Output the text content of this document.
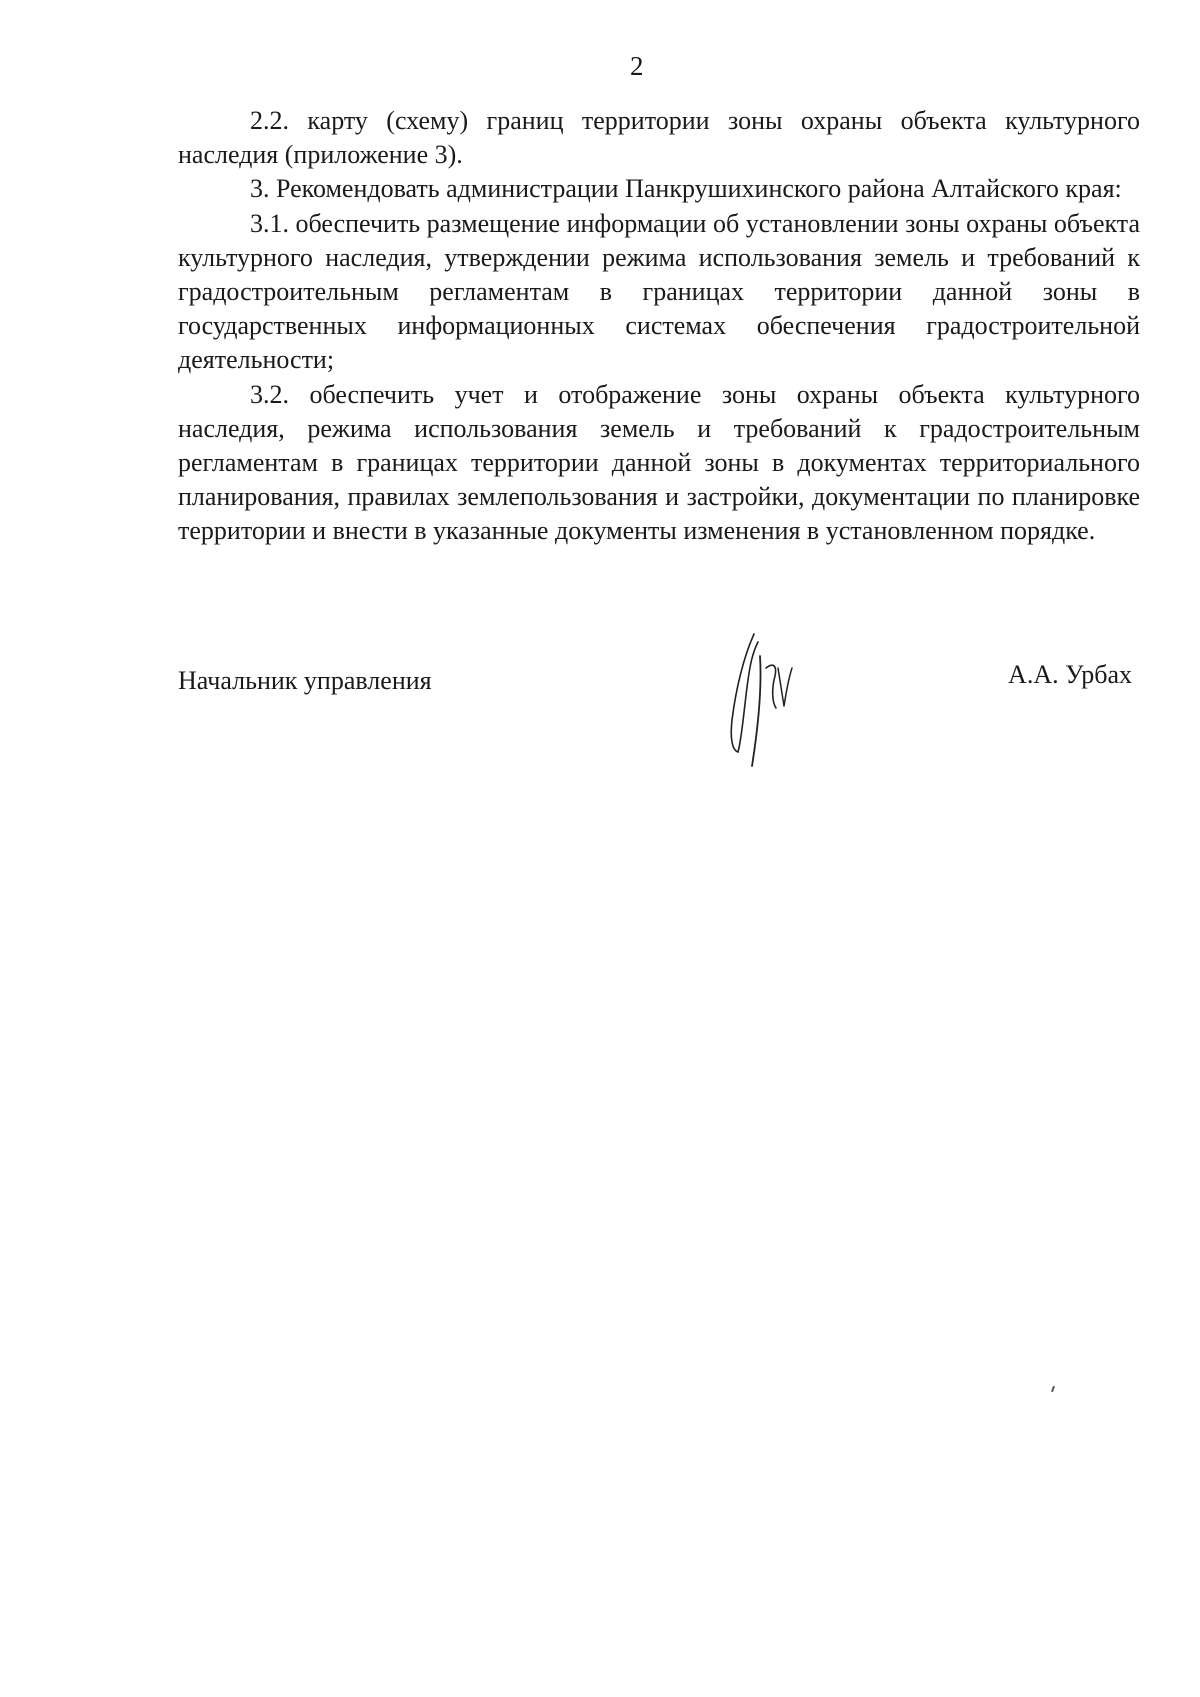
2

2.2. карту (схему) границ территории зоны охраны объекта культурного наследия (приложение 3).

3. Рекомендовать администрации Панкрушихинского района Алтайского края:

3.1. обеспечить размещение информации об установлении зоны охраны объекта культурного наследия, утверждении режима использования земель и требований к градостроительным регламентам в границах территории данной зоны в государственных информационных системах обеспечения градостроительной деятельности;

3.2. обеспечить учет и отображение зоны охраны объекта культурного наследия, режима использования земель и требований к градостроительным регламентам в границах территории данной зоны в документах территориального планирования, правилах землепользования и застройки, документации по планировке территории и внести в указанные документы изменения в установленном порядке.

Начальник управления	А.А. Урбах
